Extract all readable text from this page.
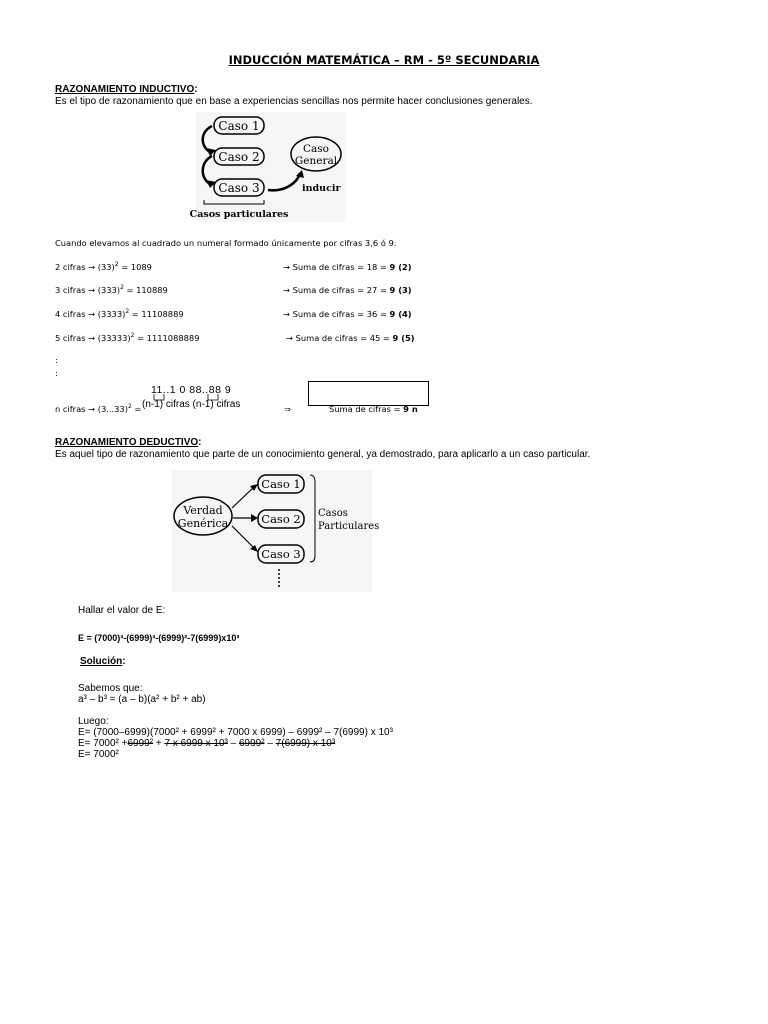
INDUCCIÓN MATEMÁTICA – RM - 5º SECUNDARIA
RAZONAMIENTO INDUCTIVO:
Es el tipo de razonamiento que en base a experiencias sencillas nos permite hacer conclusiones generales.
Caso 1
Caso 2
Caso 3
Caso
General
inducir
Casos particulares
Cuando elevamos al cuadrado un numeral formado únicamente por cifras 3,6 ó 9.
2 cifras → $(33)^2 = 1089$	→ Suma de cifras = 18 = 9 (2)
3 cifras → $(333)^2 = 110889$	→ Suma de cifras = 27 = 9 (3)
4 cifras → $(3333)^2 = 11108889$	→ Suma de cifras = 36 = 9 (4)
5 cifras → $(33333)^2 = 1111088889$	→ Suma de cifras = 45 = 9 (5)
:
:
11..1 0 88..88 9
(n-1) cifras (n-1) cifras
n cifras → $(3...33)^2$ =	⇒	Suma de cifras = 9 n
RAZONAMIENTO DEDUCTIVO:
Es aquel tipo de razonamiento que parte de un conocimiento general, ya demostrado, para aplicarlo a un caso particular.
Verdad
Genérica
Caso 1
Caso 2
Caso 3
Casos
Particulares
Hallar el valor de E:
E = (7000)³-(6999)³-(6999)²-7(6999)x10³
Solución:
Sabemos que:
a³ – b³ = (a – b)(a² + b² + ab)
Luego:
E= (7000–6999)(7000² + 6999² + 7000 x 6999) – 6999² – 7(6999) x 10³
E= 7000² +6999² + 7 x 6999 x 10³ – 6999² – 7(6999) x 10³
E= 7000²
